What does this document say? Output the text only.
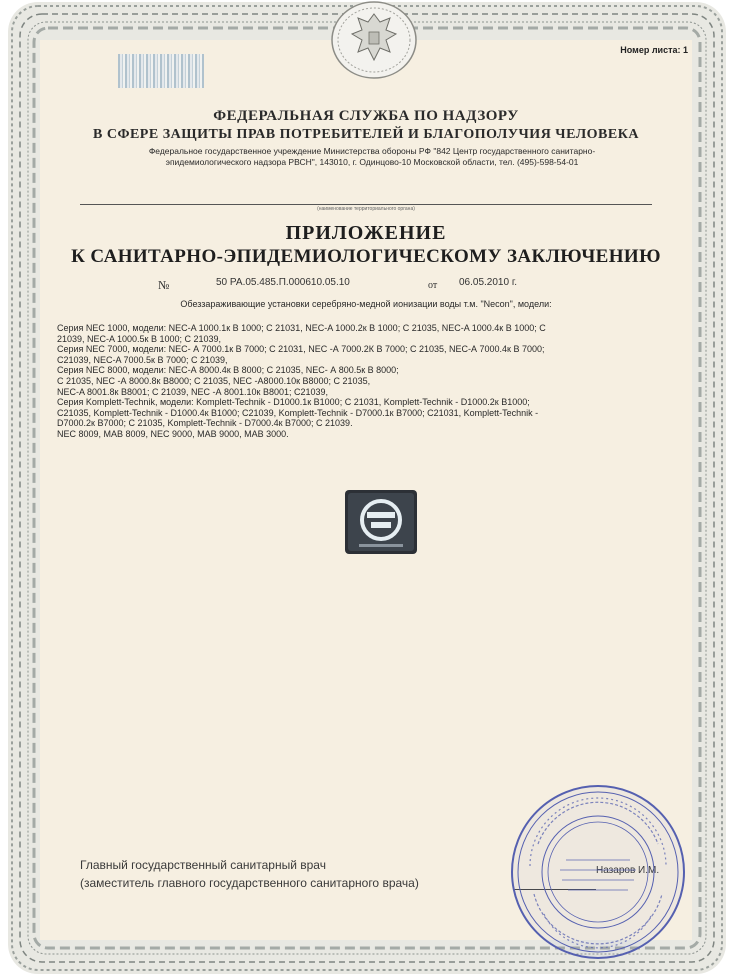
Номер листа: 1
ФЕДЕРАЛЬНАЯ СЛУЖБА ПО НАДЗОРУ
В СФЕРЕ ЗАЩИТЫ ПРАВ ПОТРЕБИТЕЛЕЙ И БЛАГОПОЛУЧИЯ ЧЕЛОВЕКА
Федеральное государственное учреждение Министерства обороны РФ "842 Центр государственного санитарно-
эпидемиологического надзора РВСН", 143010, г. Одинцово-10 Московской области, тел. (495)-598-54-01
(наименование территориального органа)
ПРИЛОЖЕНИЕ
К САНИТАРНО-ЭПИДЕМИОЛОГИЧЕСКОМУ ЗАКЛЮЧЕНИЮ
№	50 РА.05.485.П.000610.05.10	от 06.05.2010 г.
Обеззараживающие установки серебряно-медной ионизации воды т.м. "Necon", модели:
Серия NEC 1000, модели: NEC-A 1000.1к В 1000; С 21031, NEC-A 1000.2к В 1000; С 21035, NEC-A 1000.4к В 1000; С
21039, NEC-A 1000.5к В 1000; С 21039,
Серия NEC 7000, модели: NEC- А 7000.1к В 7000; С 21031, NEC -А 7000.2К В 7000; С 21035, NEC-А 7000.4к В 7000;
С21039, NEC-A 7000.5к В 7000; С 21039,
Серия NEC 8000, модели: NEC-А 8000.4к В 8000; С 21035, NEC- А 800.5к В 8000;
С 21035, NEC -А 8000.8к В8000; С 21035, NEC -А8000.10к В8000; С 21035,
NEC-A 8001.8к В8001; С 21039, NEC -А 8001.10к В8001; С21039,
Серия Komplett-Technik, модели: Komplett-Technik - D1000.1к В1000; С 21031, Komplett-Technik - D1000.2к В1000;
С21035, Komplett-Technik - D1000.4к В1000; С21039, Komplett-Technik - D7000.1к В7000; С21031, Komplett-Technik -
D7000.2к В7000; С 21035, Komplett-Technik - D7000.4к В7000; С 21039.
NEC 8009, MAB 8009, NEC 9000, MAB 9000, MAB 3000.
Главный государственный санитарный врач
(заместитель главного государственного санитарного врача)
